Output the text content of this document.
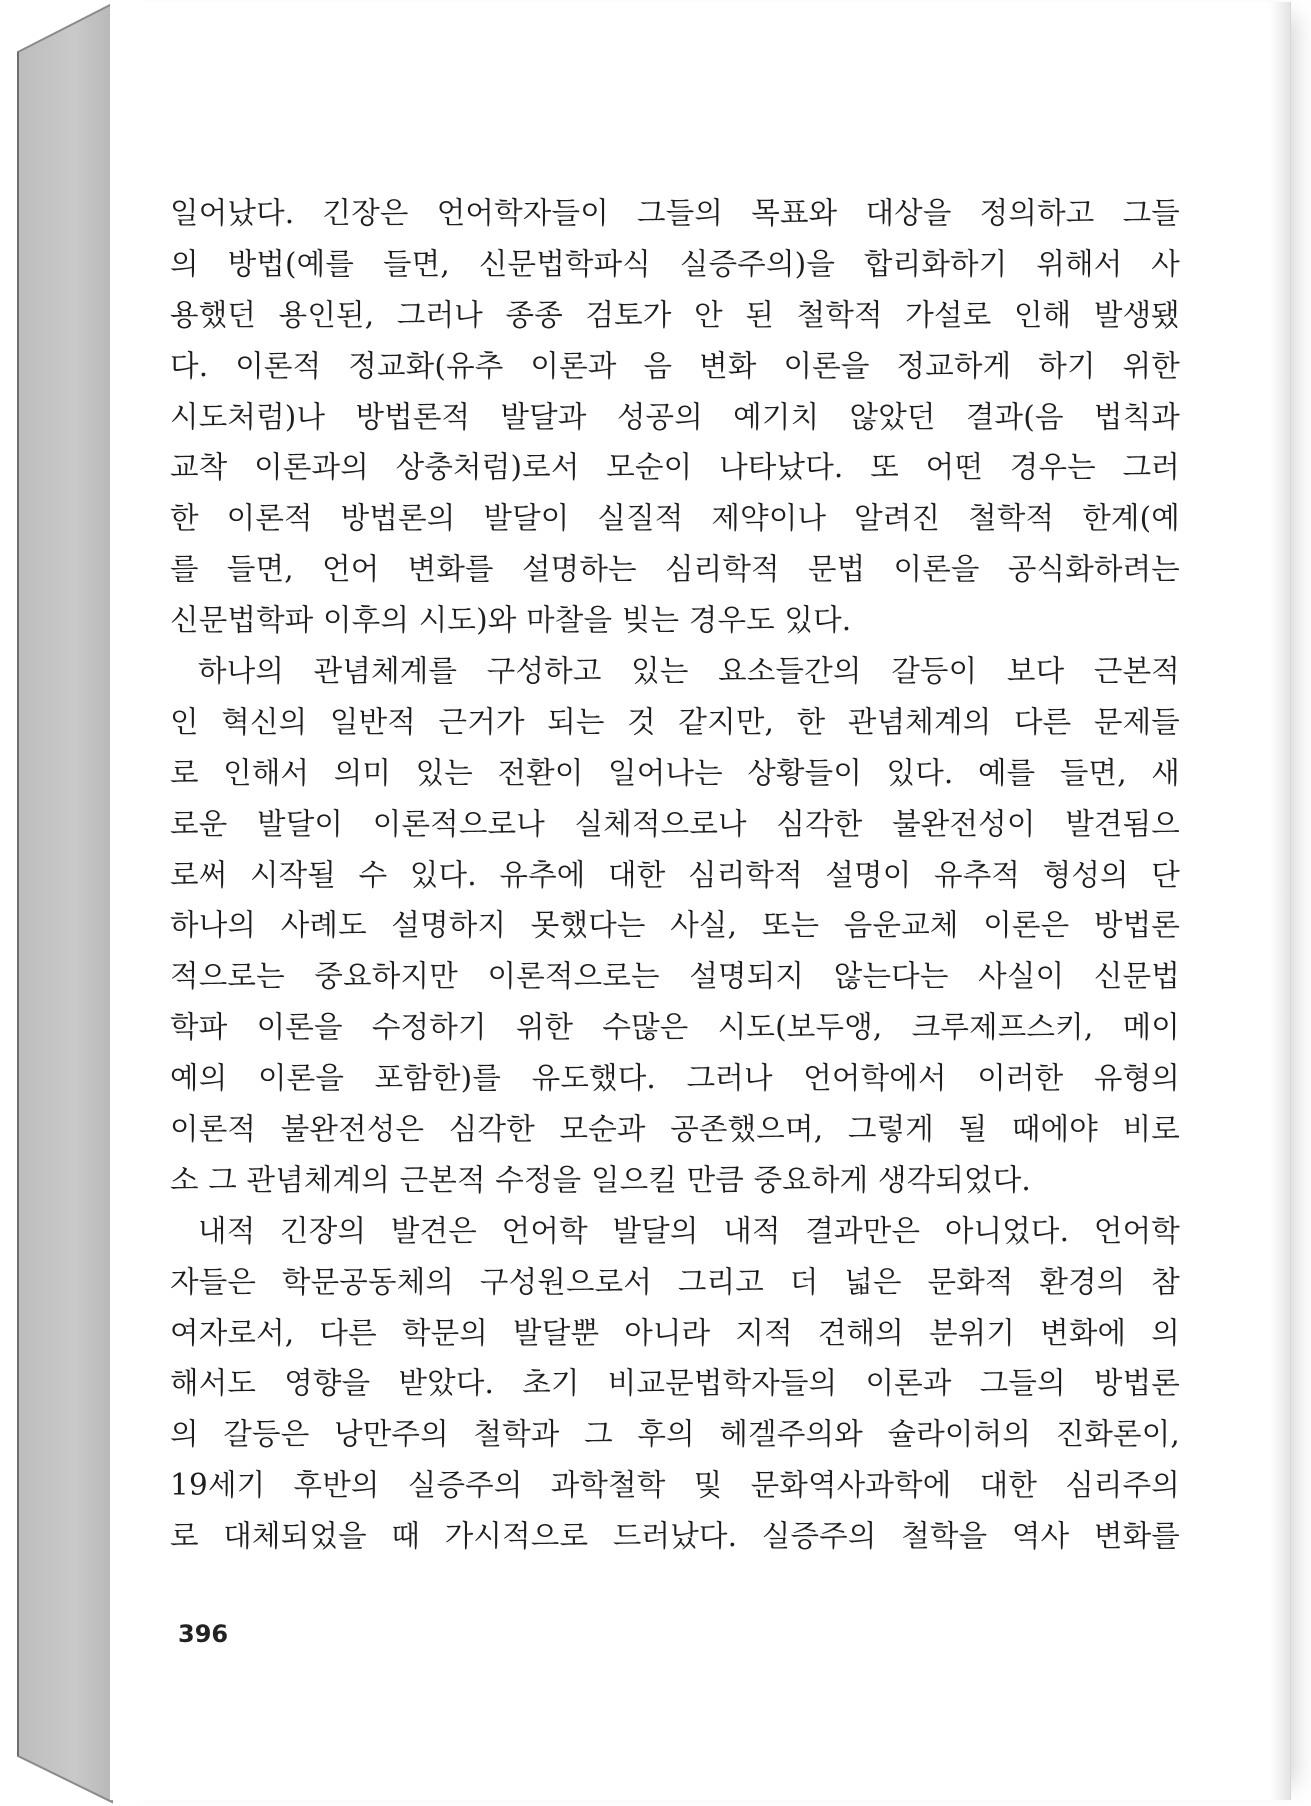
일어났다. 긴장은 언어학자들이 그들의 목표와 대상을 정의하고 그들
의 방법(예를 들면, 신문법학파식 실증주의)을 합리화하기 위해서 사
용했던 용인된, 그러나 종종 검토가 안 된 철학적 가설로 인해 발생됐
다. 이론적 정교화(유추 이론과 음 변화 이론을 정교하게 하기 위한
시도처럼)나 방법론적 발달과 성공의 예기치 않았던 결과(음 법칙과
교착 이론과의 상충처럼)로서 모순이 나타났다. 또 어떤 경우는 그러
한 이론적 방법론의 발달이 실질적 제약이나 알려진 철학적 한계(예
를 들면, 언어 변화를 설명하는 심리학적 문법 이론을 공식화하려는
신문법학파 이후의 시도)와 마찰을 빚는 경우도 있다.
하나의 관념체계를 구성하고 있는 요소들간의 갈등이 보다 근본적
인 혁신의 일반적 근거가 되는 것 같지만, 한 관념체계의 다른 문제들
로 인해서 의미 있는 전환이 일어나는 상황들이 있다. 예를 들면, 새
로운 발달이 이론적으로나 실체적으로나 심각한 불완전성이 발견됨으
로써 시작될 수 있다. 유추에 대한 심리학적 설명이 유추적 형성의 단
하나의 사례도 설명하지 못했다는 사실, 또는 음운교체 이론은 방법론
적으로는 중요하지만 이론적으로는 설명되지 않는다는 사실이 신문법
학파 이론을 수정하기 위한 수많은 시도(보두앵, 크루제프스키, 메이
예의 이론을 포함한)를 유도했다. 그러나 언어학에서 이러한 유형의
이론적 불완전성은 심각한 모순과 공존했으며, 그렇게 될 때에야 비로
소 그 관념체계의 근본적 수정을 일으킬 만큼 중요하게 생각되었다.
내적 긴장의 발견은 언어학 발달의 내적 결과만은 아니었다. 언어학
자들은 학문공동체의 구성원으로서 그리고 더 넓은 문화적 환경의 참
여자로서, 다른 학문의 발달뿐 아니라 지적 견해의 분위기 변화에 의
해서도 영향을 받았다. 초기 비교문법학자들의 이론과 그들의 방법론
의 갈등은 낭만주의 철학과 그 후의 헤겔주의와 슐라이허의 진화론이,
19세기 후반의 실증주의 과학철학 및 문화역사과학에 대한 심리주의
로 대체되었을 때 가시적으로 드러났다. 실증주의 철학을 역사 변화를
396
